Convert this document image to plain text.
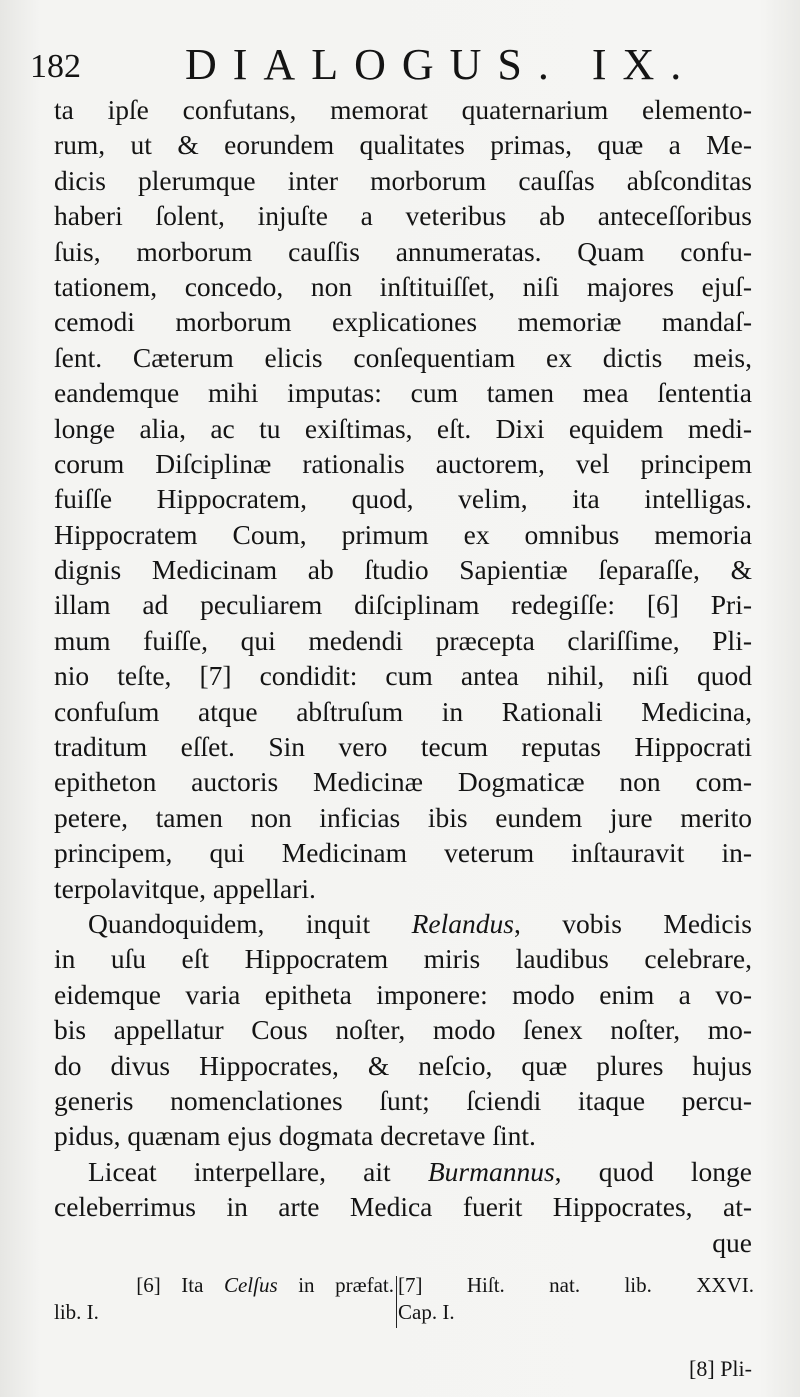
182 DIALOGUS. IX.
ta ipſe confutans, memorat quaternarium elemento-
rum, ut & eorundem qualitates primas, quæ a Me-
dicis plerumque inter morborum cauſſas abſconditas
haberi ſolent, injuſte a veteribus ab anteceſſoribus
ſuis, morborum cauſſis annumeratas. Quam confu-
tationem, concedo, non inſtituiſſet, niſi majores ejuſ-
cemodi morborum explicationes memoriæ mandaſ-
ſent. Cæterum elicis conſequentiam ex dictis meis,
eandemque mihi imputas: cum tamen mea ſententia
longe alia, ac tu exiſtimas, eſt. Dixi equidem medi-
corum Diſciplinæ rationalis auctorem, vel principem
fuiſſe Hippocratem, quod, velim, ita intelligas.
Hippocratem Coum, primum ex omnibus memoria
dignis Medicinam ab ſtudio Sapientiæ ſeparaſſe, &
illam ad peculiarem diſciplinam redegiſſe: [6] Pri-
mum fuiſſe, qui medendi præcepta clariſſime, Pli-
nio teſte, [7] condidit: cum antea nihil, niſi quod
confuſum atque abſtruſum in Rationali Medicina,
traditum eſſet. Sin vero tecum reputas Hippocrati
epitheton auctoris Medicinæ Dogmaticæ non com-
petere, tamen non inficias ibis eundem jure merito
principem, qui Medicinam veterum inſtauravit in-
terpolavitque, appellari.
Quandoquidem, inquit Relandus, vobis Medicis
in uſu eſt Hippocratem miris laudibus celebrare,
eidemque varia epitheta imponere: modo enim a vo-
bis appellatur Cous noſter, modo ſenex noſter, mo-
do divus Hippocrates, & neſcio, quæ plures hujus
generis nomenclationes ſunt; ſciendi itaque percu-
pidus, quænam ejus dogmata decretave ſint.
Liceat interpellare, ait Burmannus, quod longe
celeberrimus in arte Medica fuerit Hippocrates, at-
que
[6] Ita Celſus in præfat.
lib. I.
[7] Hiſt. nat. lib. XXVI.
Cap. I.
[8] Pli-
